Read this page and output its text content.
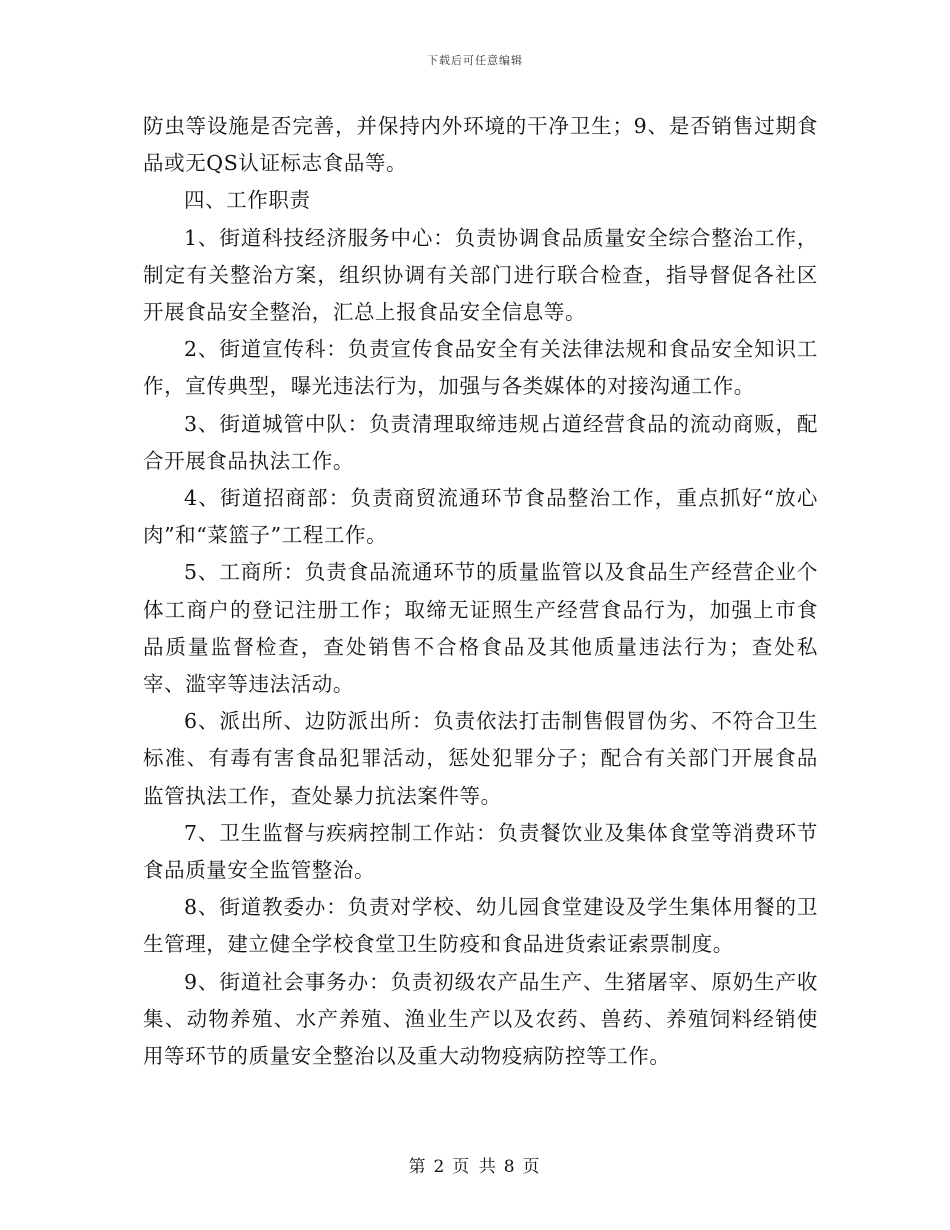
下载后可任意编辑

防虫等设施是否完善，并保持内外环境的干净卫生；9、是否销售过期食品或无QS认证标志食品等。

四、工作职责

1、街道科技经济服务中心：负责协调食品质量安全综合整治工作，制定有关整治方案，组织协调有关部门进行联合检查，指导督促各社区开展食品安全整治，汇总上报食品安全信息等。

2、街道宣传科：负责宣传食品安全有关法律法规和食品安全知识工作，宣传典型，曝光违法行为，加强与各类媒体的对接沟通工作。

3、街道城管中队：负责清理取缔违规占道经营食品的流动商贩，配合开展食品执法工作。

4、街道招商部：负责商贸流通环节食品整治工作，重点抓好“放心肉”和“菜篮子”工程工作。

5、工商所：负责食品流通环节的质量监管以及食品生产经营企业个体工商户的登记注册工作；取缔无证照生产经营食品行为，加强上市食品质量监督检查，查处销售不合格食品及其他质量违法行为；查处私宰、滥宰等违法活动。

6、派出所、边防派出所：负责依法打击制售假冒伪劣、不符合卫生标准、有毒有害食品犯罪活动，惩处犯罪分子；配合有关部门开展食品监管执法工作，查处暴力抗法案件等。

7、卫生监督与疾病控制工作站：负责餐饮业及集体食堂等消费环节食品质量安全监管整治。

8、街道教委办：负责对学校、幼儿园食堂建设及学生集体用餐的卫生管理，建立健全学校食堂卫生防疫和食品进货索证索票制度。

9、街道社会事务办：负责初级农产品生产、生猪屠宰、原奶生产收集、动物养殖、水产养殖、渔业生产以及农药、兽药、养殖饲料经销使用等环节的质量安全整治以及重大动物疫病防控等工作。

第 2 页 共 8 页
